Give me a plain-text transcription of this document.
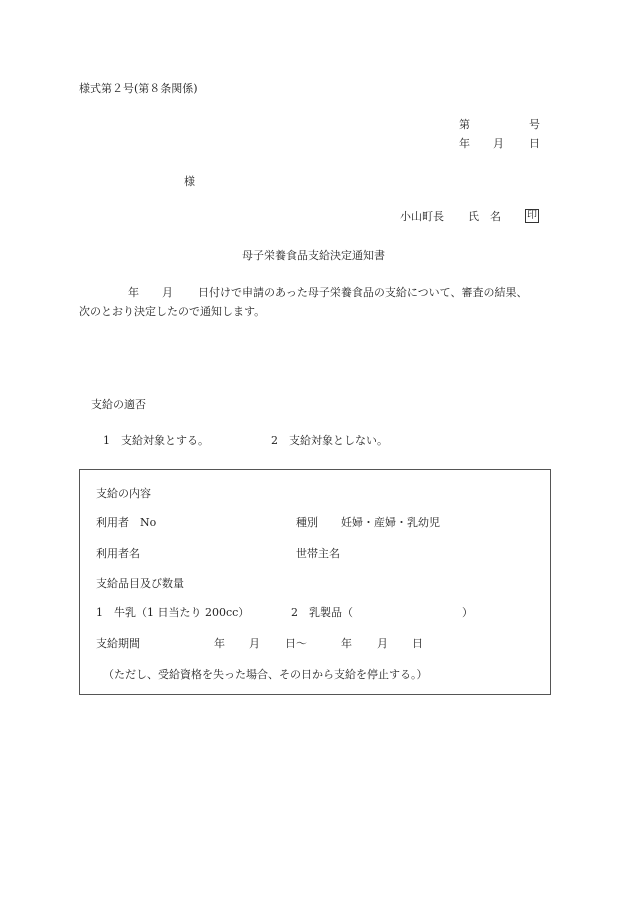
様式第２号(第８条関係)
第	号
年 月 日
様
小山町長 氏　名	印
母子栄養食品支給決定通知書
年 月 日付けで申請のあった母子栄養食品の支給について、審査の結果、
次のとおり決定したので通知します。
支給の適否
1　支給対象とする。	2　支給対象としない。
支給の内容
利用者　No	種別 妊婦・産婦・乳幼児
利用者名	世帯主名
支給品目及び数量
1　牛乳（1 日当たり 200cc）	2　乳製品（	）
支給期間	年 月 日〜	年 月 日
（ただし、受給資格を失った場合、その日から支給を停止する。）
